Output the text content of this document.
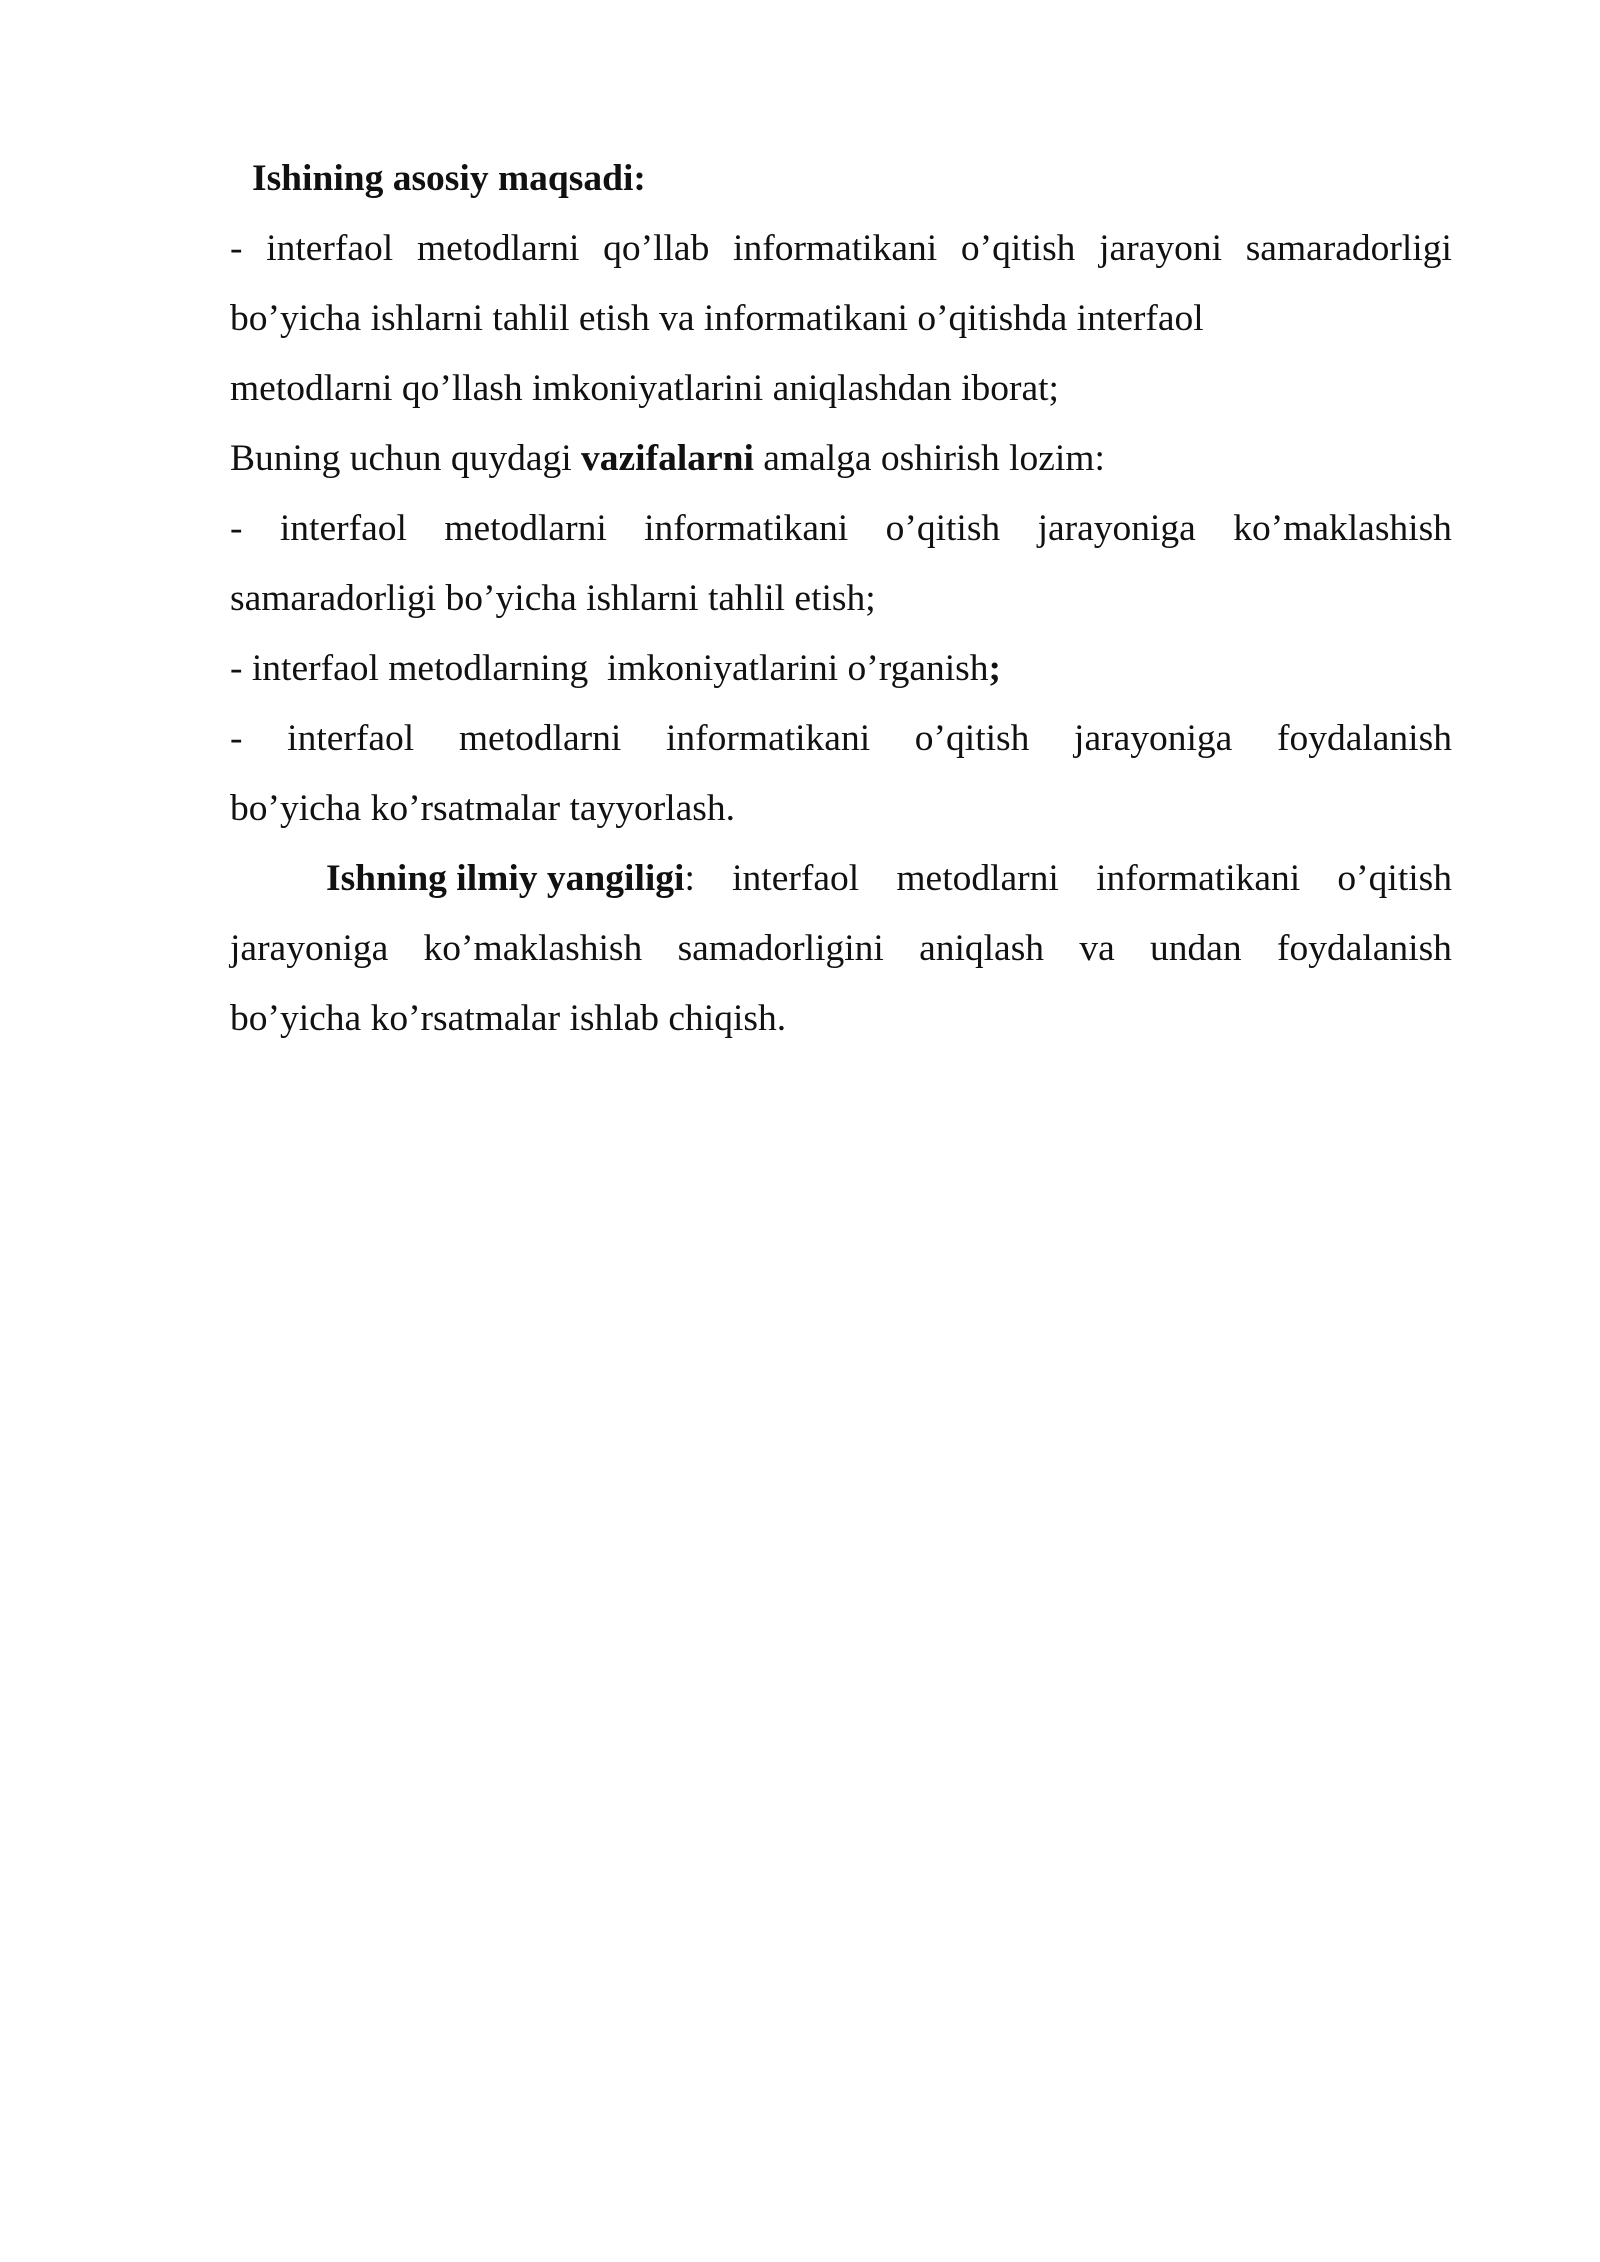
Ishining asosiy maqsadi:
- interfaol metodlarni qo’llab informatikani o’qitish jarayoni samaradorligi
bo’yicha ishlarni tahlil etish va informatikani o’qitishda interfaol
metodlarni qo’llash imkoniyatlarini aniqlashdan iborat;
Buning uchun quydagi vazifalarni amalga oshirish lozim:
- interfaol metodlarni informatikani o’qitish jarayoniga ko’maklashish
samaradorligi bo’yicha ishlarni tahlil etish;
- interfaol metodlarning  imkoniyatlarini o’rganish;
- interfaol metodlarni informatikani o’qitish jarayoniga foydalanish
bo’yicha ko’rsatmalar tayyorlash.
Ishning ilmiy yangiligi: interfaol metodlarni informatikani o’qitish
jarayoniga ko’maklashish samadorligini aniqlash va undan foydalanish
bo’yicha ko’rsatmalar ishlab chiqish.
